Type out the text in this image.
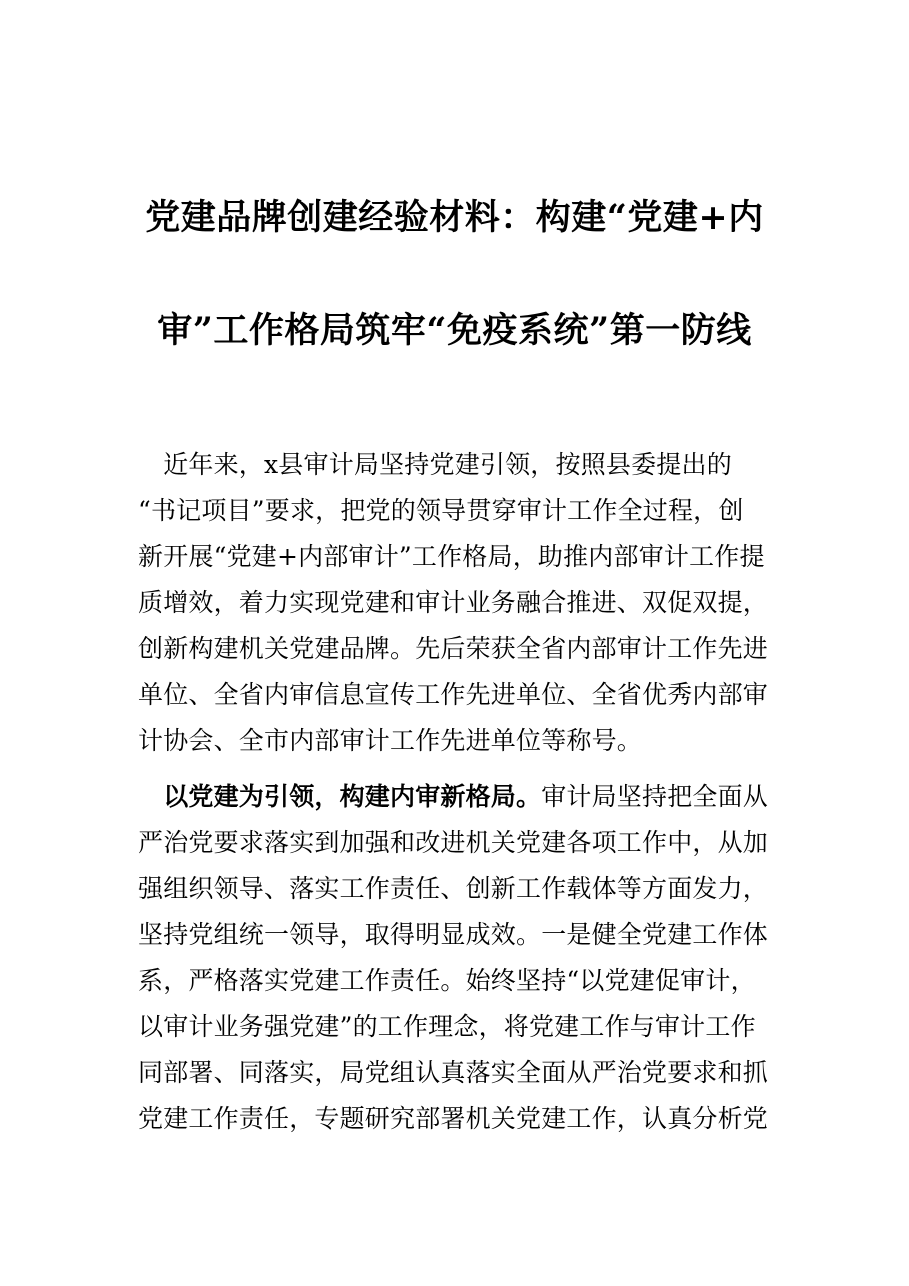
党建品牌创建经验材料：构建“党建+内
审”工作格局筑牢“免疫系统”第一防线
　近年来，x县审计局坚持党建引领，按照县委提出的
“书记项目”要求，把党的领导贯穿审计工作全过程，创
新开展“党建+内部审计”工作格局，助推内部审计工作提
质增效，着力实现党建和审计业务融合推进、双促双提，
创新构建机关党建品牌。先后荣获全省内部审计工作先进
单位、全省内审信息宣传工作先进单位、全省优秀内部审
计协会、全市内部审计工作先进单位等称号。
　以党建为引领，构建内审新格局。审计局坚持把全面从
严治党要求落实到加强和改进机关党建各项工作中，从加
强组织领导、落实工作责任、创新工作载体等方面发力，
坚持党组统一领导，取得明显成效。一是健全党建工作体
系，严格落实党建工作责任。始终坚持“以党建促审计，
以审计业务强党建”的工作理念，将党建工作与审计工作
同部署、同落实，局党组认真落实全面从严治党要求和抓
党建工作责任，专题研究部署机关党建工作，认真分析党
